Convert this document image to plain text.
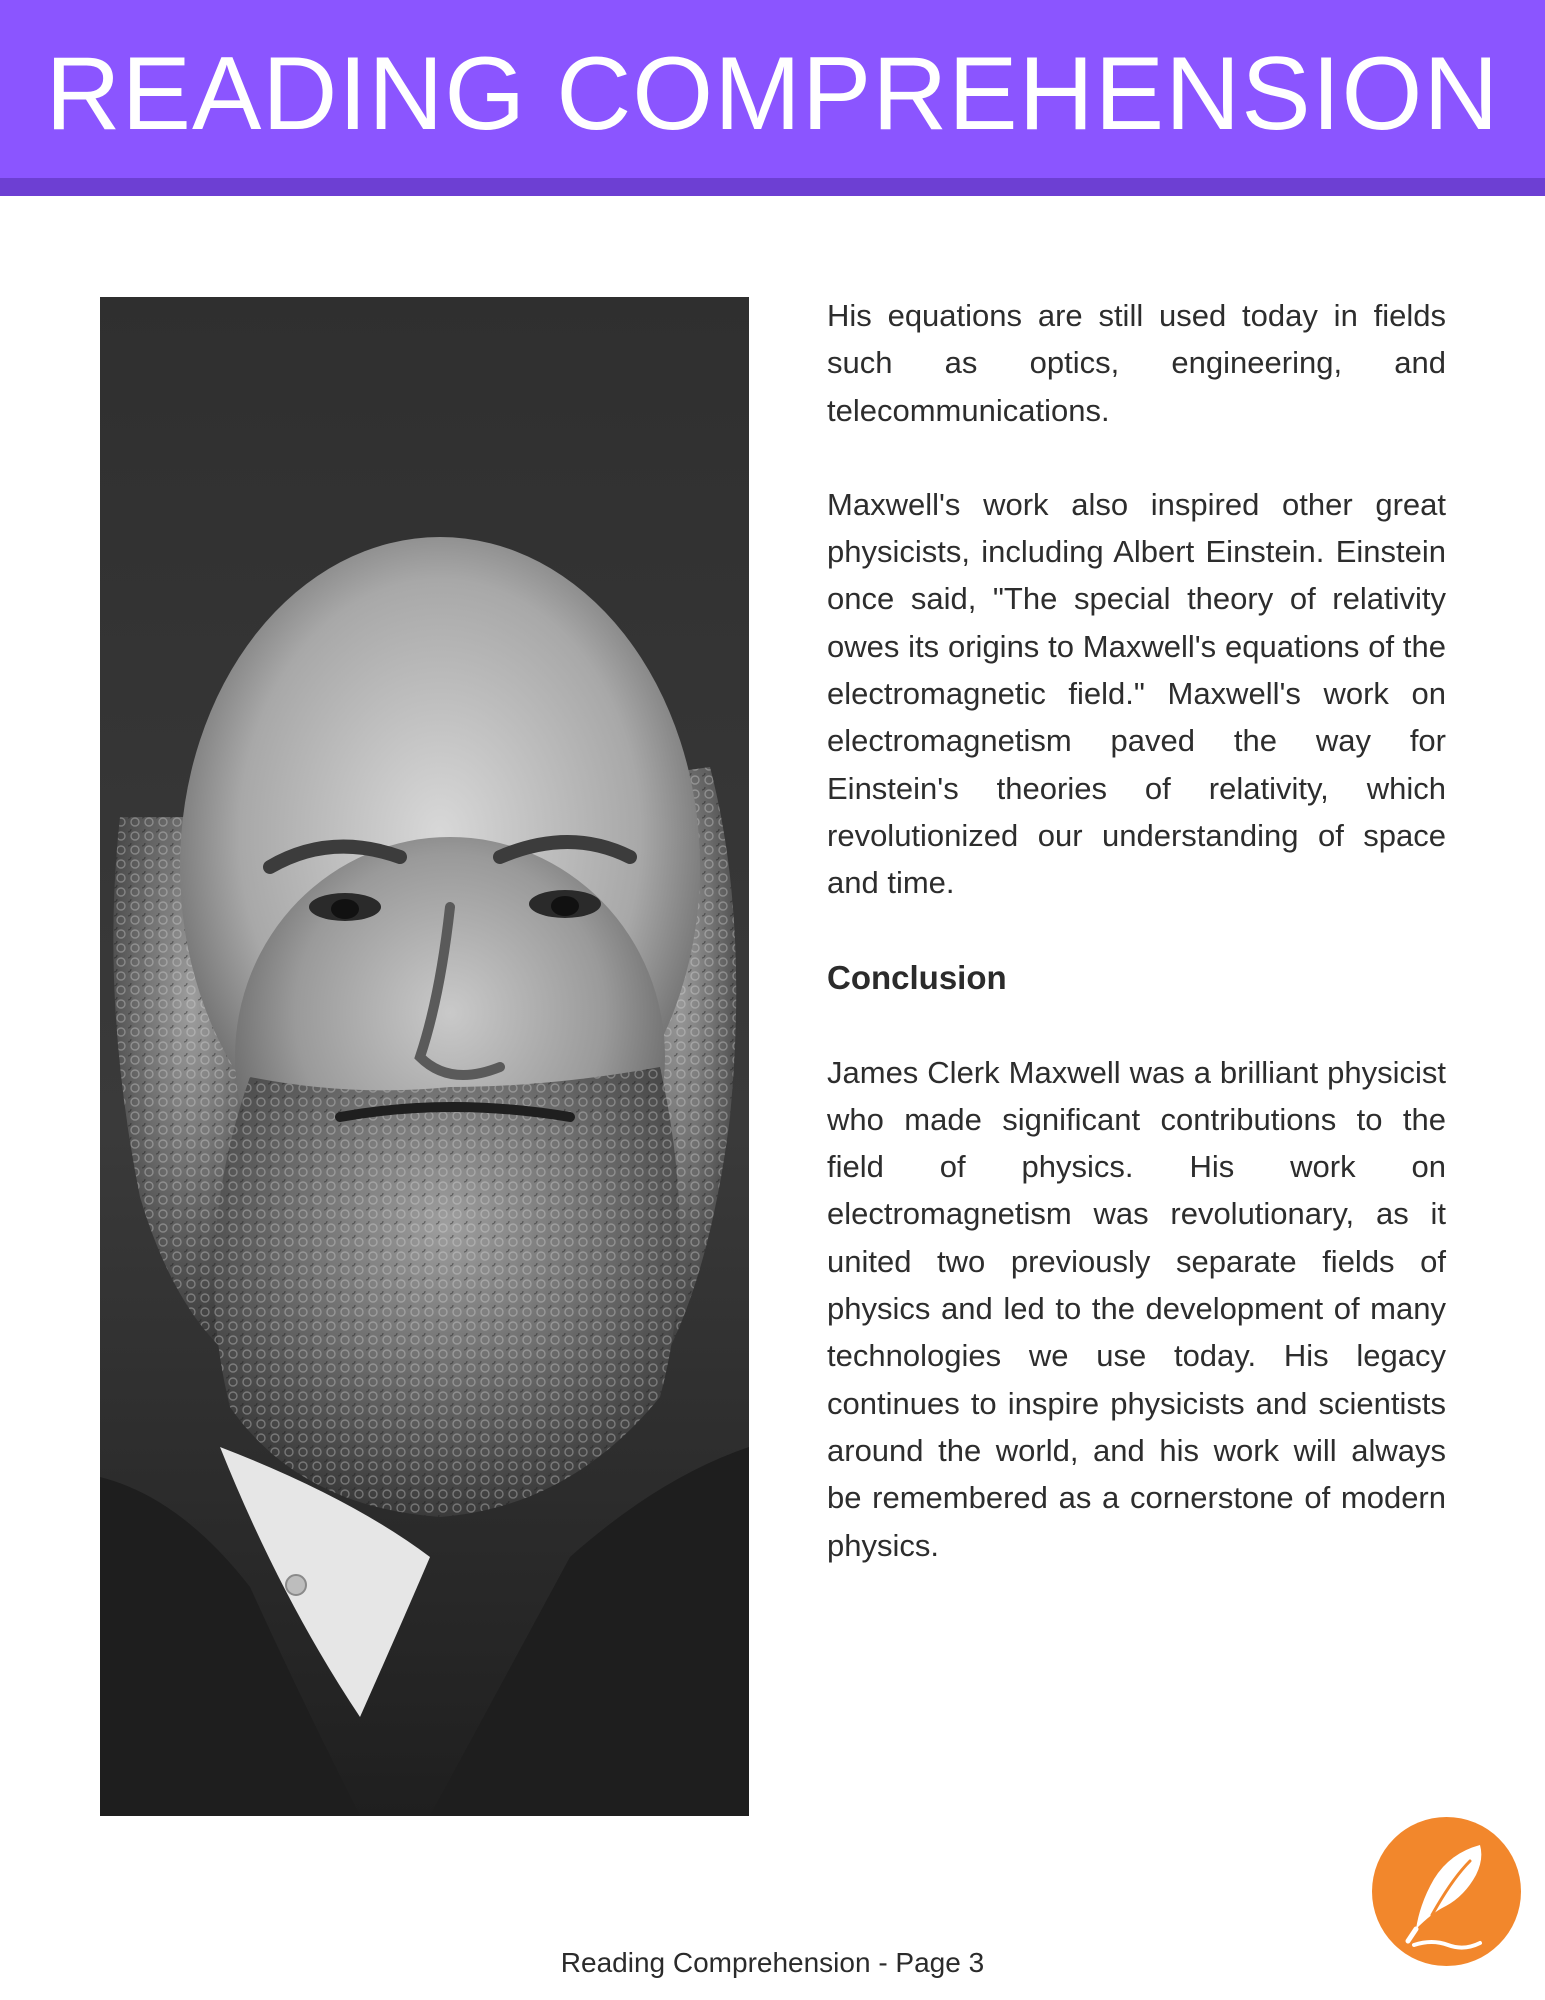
READING COMPREHENSION

His equations are still used today in fields such as optics, engineering, and telecommunications.

Maxwell's work also inspired other great physicists, including Albert Einstein. Einstein once said, "The special theory of relativity owes its origins to Maxwell's equations of the electromagnetic field." Maxwell's work on electromagnetism paved the way for Einstein's theories of relativity, which revolutionized our understanding of space and time.

Conclusion

James Clerk Maxwell was a brilliant physicist who made significant contributions to the field of physics. His work on electromagnetism was revolutionary, as it united two previously separate fields of physics and led to the development of many technologies we use today. His legacy continues to inspire physicists and scientists around the world, and his work will always be remembered as a cornerstone of modern physics.

Reading Comprehension - Page 3
